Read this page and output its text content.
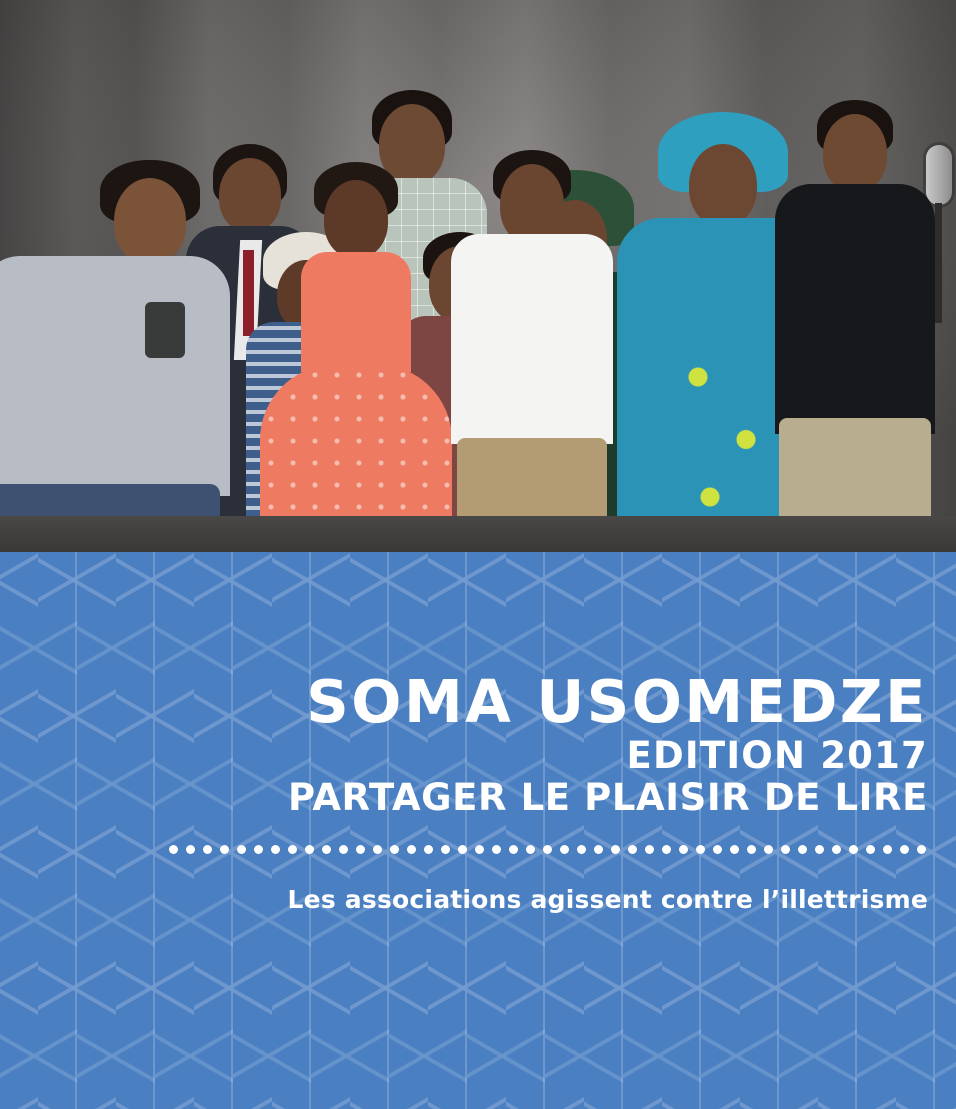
SOMA USOMEDZE
EDITION 2017
PARTAGER LE PLAISIR DE LIRE
Les associations agissent contre l’illettrisme
